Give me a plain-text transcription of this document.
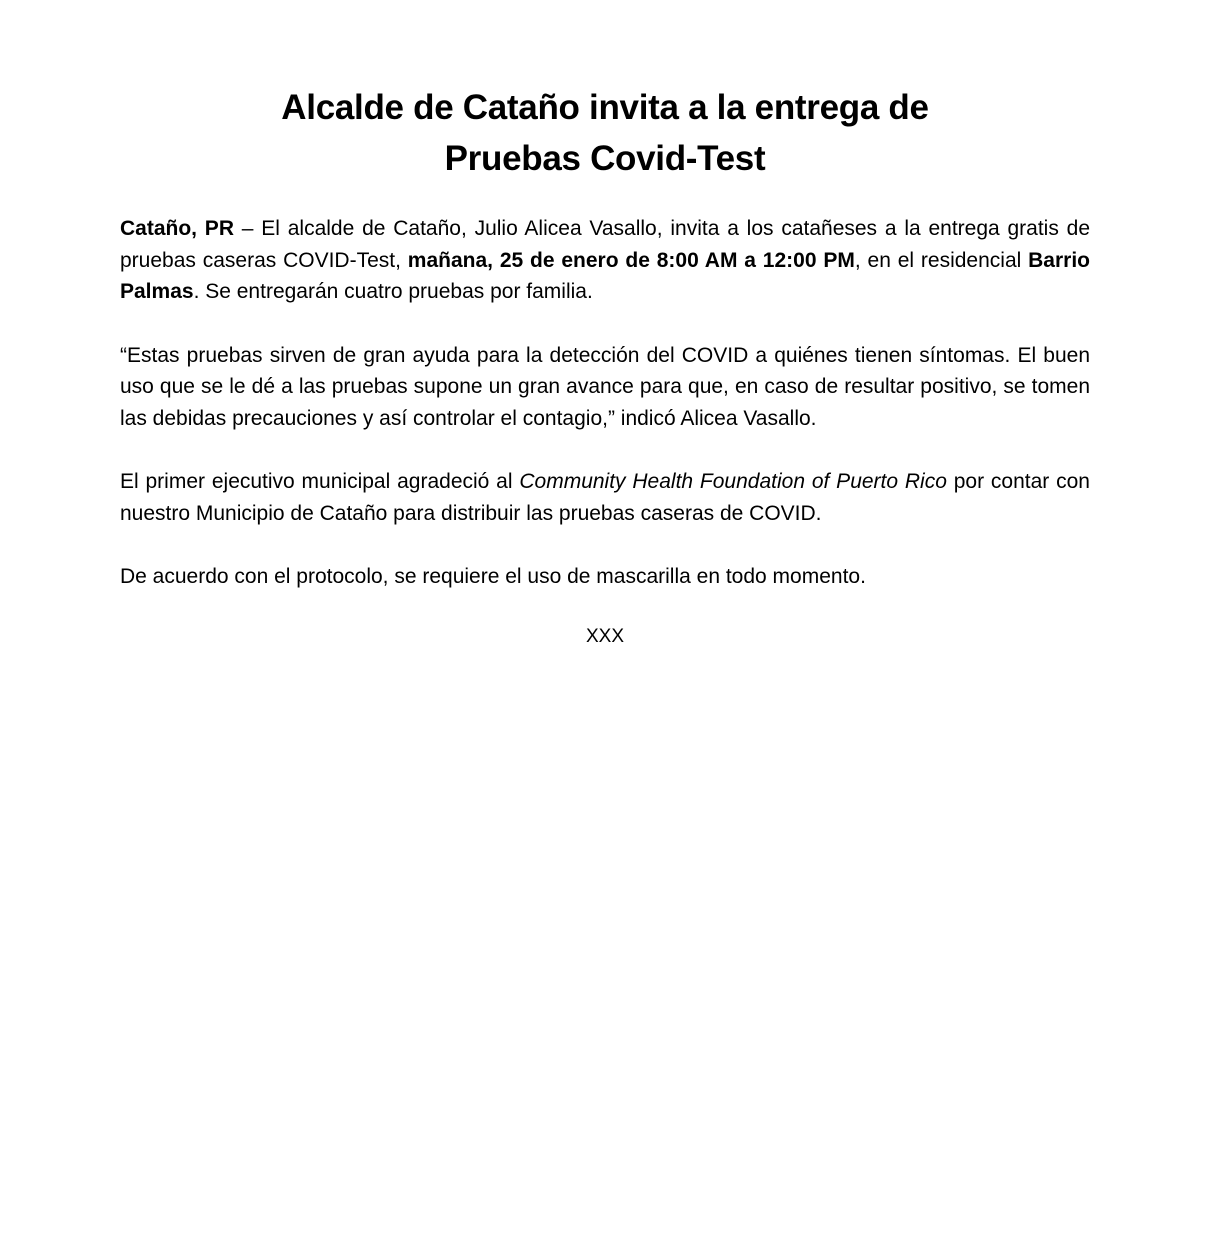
Alcalde de Cataño invita a la entrega de
Pruebas Covid-Test

Cataño, PR – El alcalde de Cataño, Julio Alicea Vasallo, invita a los catañeses a la entrega gratis de pruebas caseras COVID-Test, mañana, 25 de enero de 8:00 AM a 12:00 PM, en el residencial Barrio Palmas. Se entregarán cuatro pruebas por familia.

“Estas pruebas sirven de gran ayuda para la detección del COVID a quiénes tienen síntomas. El buen uso que se le dé a las pruebas supone un gran avance para que, en caso de resultar positivo, se tomen las debidas precauciones y así controlar el contagio,” indicó Alicea Vasallo.

El primer ejecutivo municipal agradeció al Community Health Foundation of Puerto Rico por contar con nuestro Municipio de Cataño para distribuir las pruebas caseras de COVID.

De acuerdo con el protocolo, se requiere el uso de mascarilla en todo momento.

XXX
